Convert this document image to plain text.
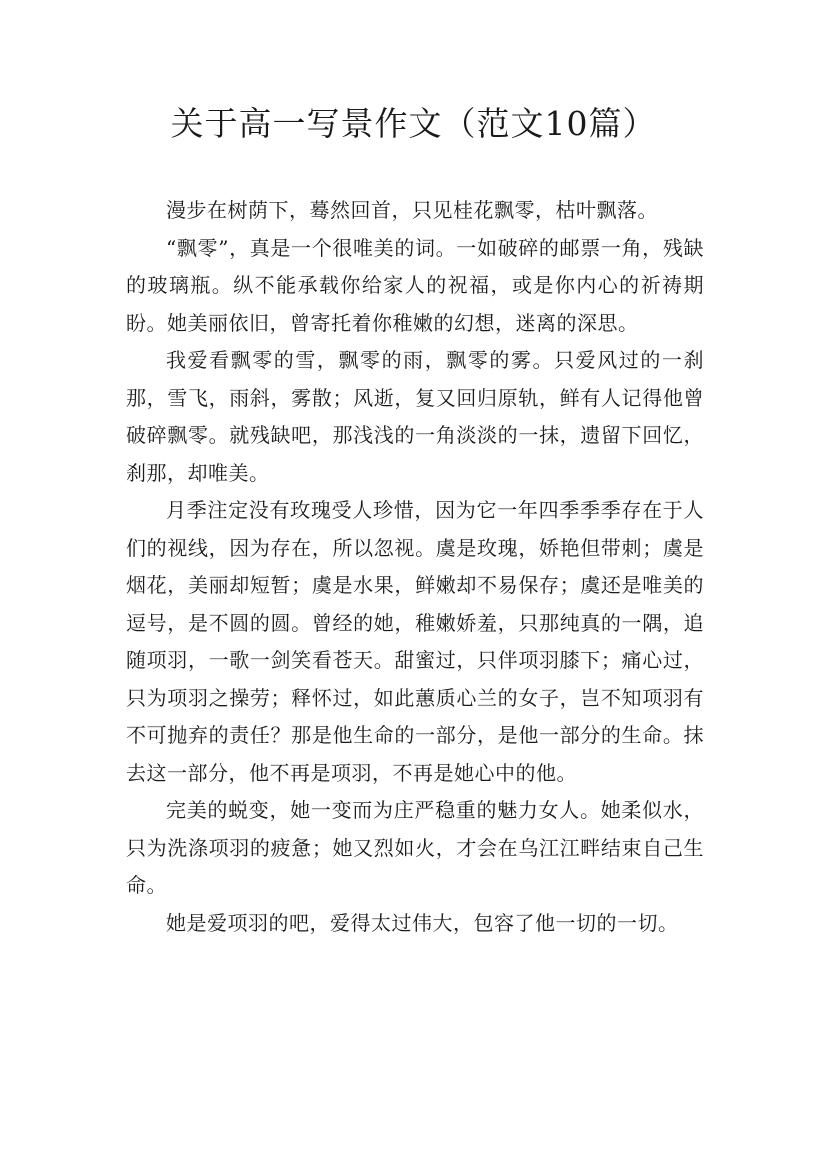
关于高一写景作文（范文10篇）

漫步在树荫下，蓦然回首，只见桂花飘零，枯叶飘落。

“飘零”，真是一个很唯美的词。一如破碎的邮票一角，残缺的玻璃瓶。纵不能承载你给家人的祝福，或是你内心的祈祷期盼。她美丽依旧，曾寄托着你稚嫩的幻想，迷离的深思。

我爱看飘零的雪，飘零的雨，飘零的雾。只爱风过的一刹那，雪飞，雨斜，雾散；风逝，复又回归原轨，鲜有人记得他曾破碎飘零。就残缺吧，那浅浅的一角淡淡的一抹，遗留下回忆，刹那，却唯美。

月季注定没有玫瑰受人珍惜，因为它一年四季季季存在于人们的视线，因为存在，所以忽视。虞是玫瑰，娇艳但带刺；虞是烟花，美丽却短暂；虞是水果，鲜嫩却不易保存；虞还是唯美的逗号，是不圆的圆。曾经的她，稚嫩娇羞，只那纯真的一隅，追随项羽，一歌一剑笑看苍天。甜蜜过，只伴项羽膝下；痛心过，只为项羽之操劳；释怀过，如此蕙质心兰的女子，岂不知项羽有不可抛弃的责任？那是他生命的一部分，是他一部分的生命。抹去这一部分，他不再是项羽，不再是她心中的他。

完美的蜕变，她一变而为庄严稳重的魅力女人。她柔似水，只为洗涤项羽的疲惫；她又烈如火，才会在乌江江畔结束自己生命。

她是爱项羽的吧，爱得太过伟大，包容了他一切的一切。
